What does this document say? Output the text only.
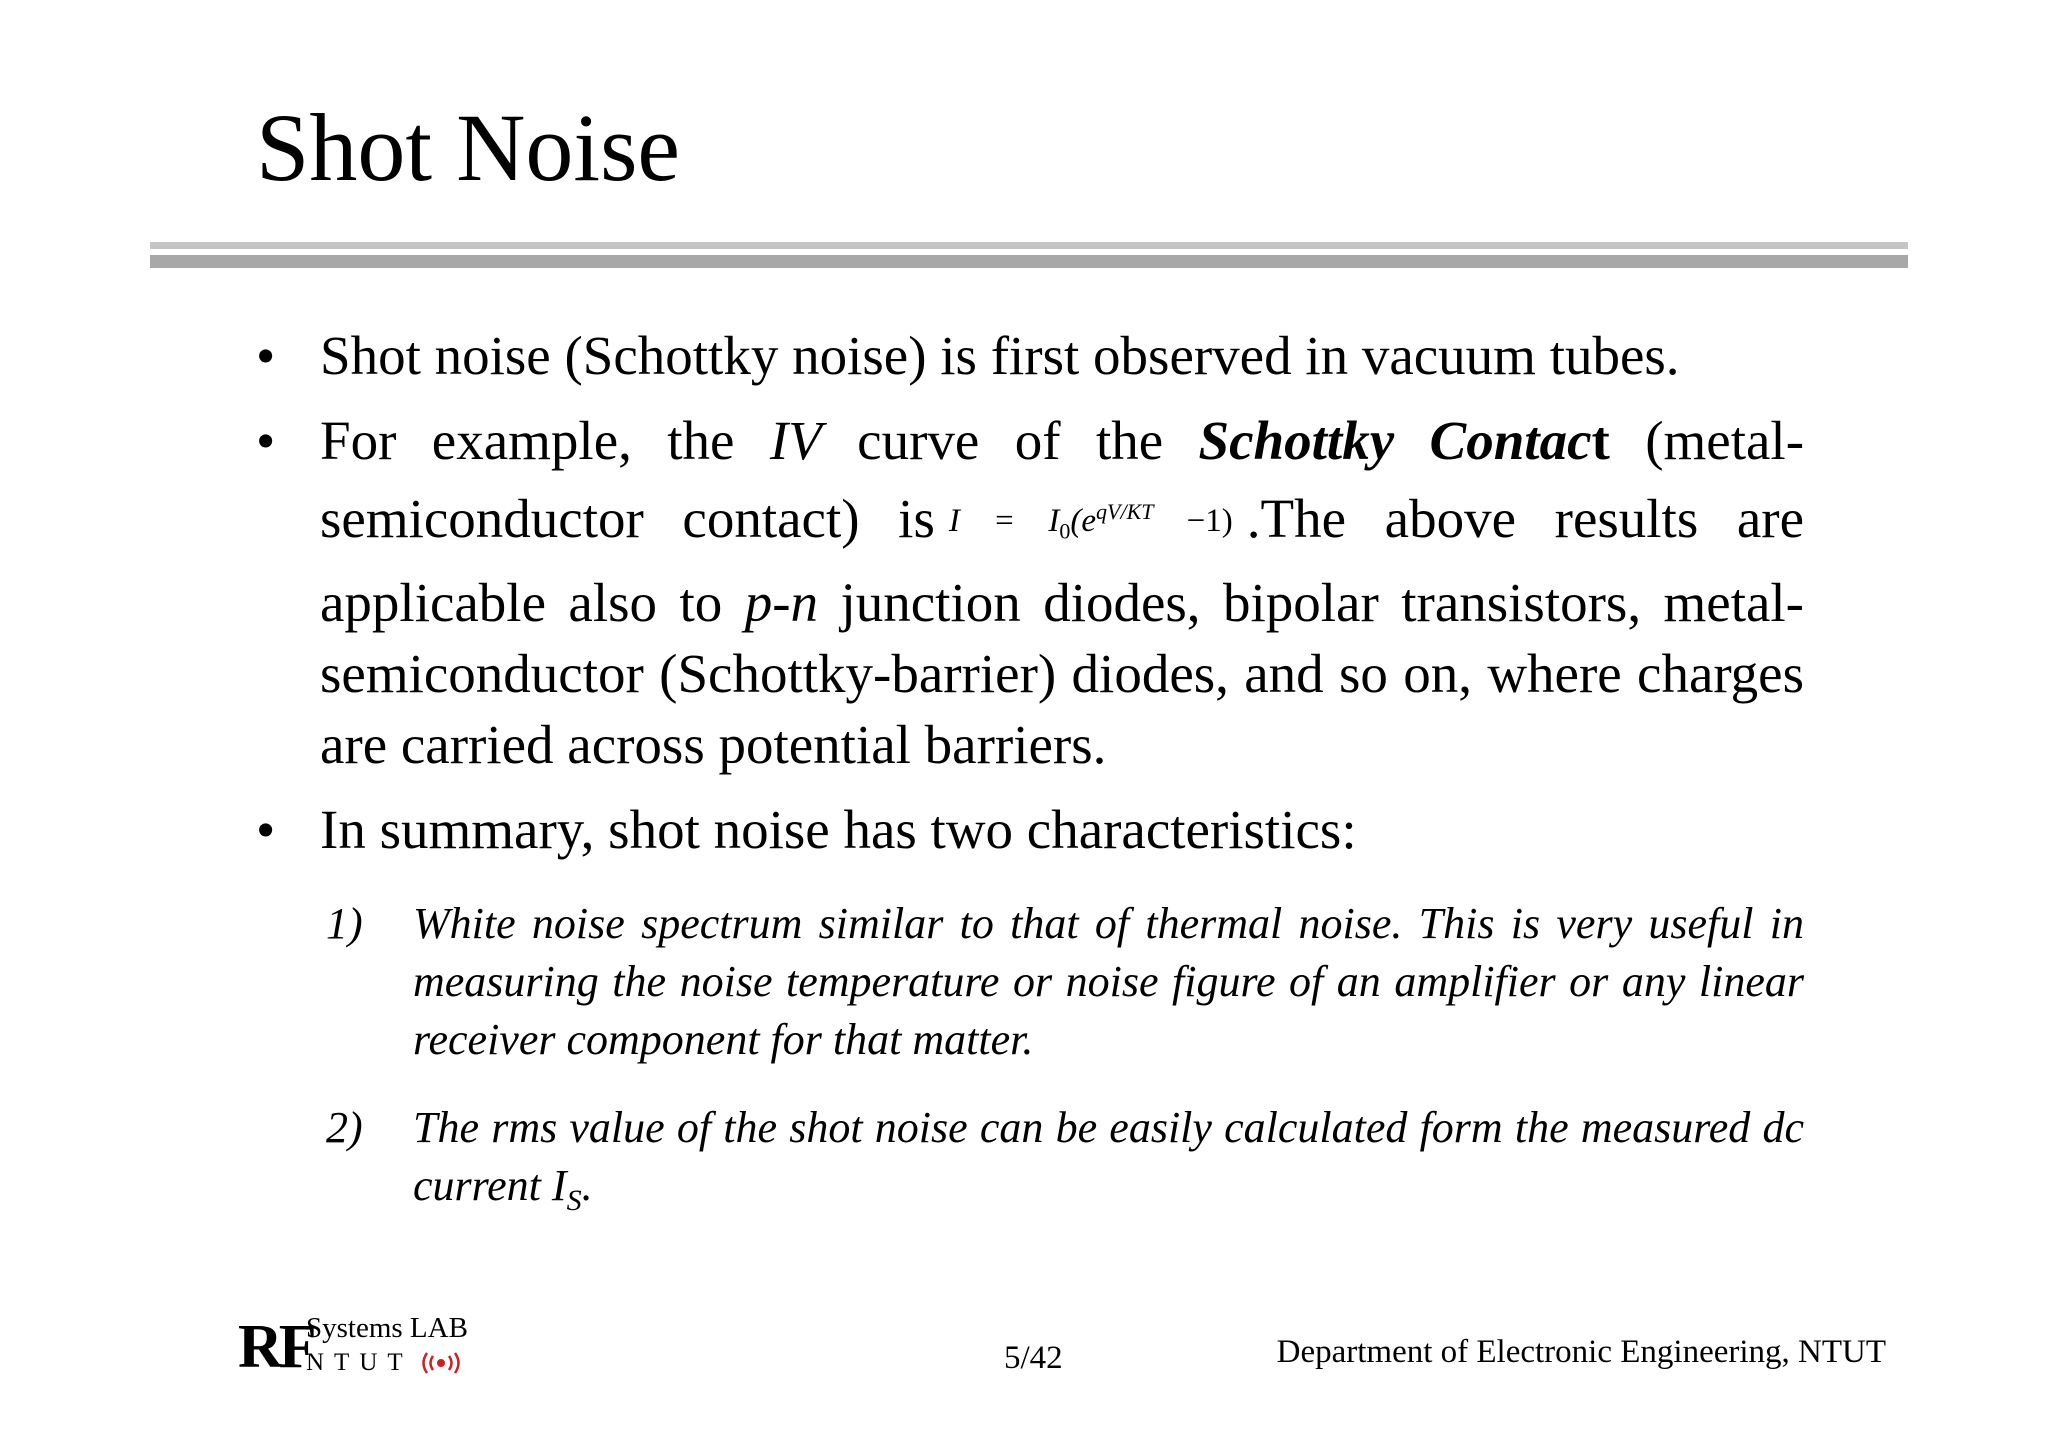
Shot Noise
• Shot noise (Schottky noise) is first observed in vacuum tubes.
• For example, the IV curve of the Schottky Contact (metal-semiconductor contact) is $I = I_0(e^{qV/KT} -1)$ .The above results are applicable also to p-n junction diodes, bipolar transistors, metal-semiconductor (Schottky-barrier) diodes, and so on, where charges are carried across potential barriers.
• In summary, shot noise has two characteristics:
1) White noise spectrum similar to that of thermal noise. This is very useful in measuring the noise temperature or noise figure of an amplifier or any linear receiver component for that matter.
2) The rms value of the shot noise can be easily calculated form the measured dc current $I_S$.
RF
Systems LAB
NTUT	5/42	Department of Electronic Engineering, NTUT
